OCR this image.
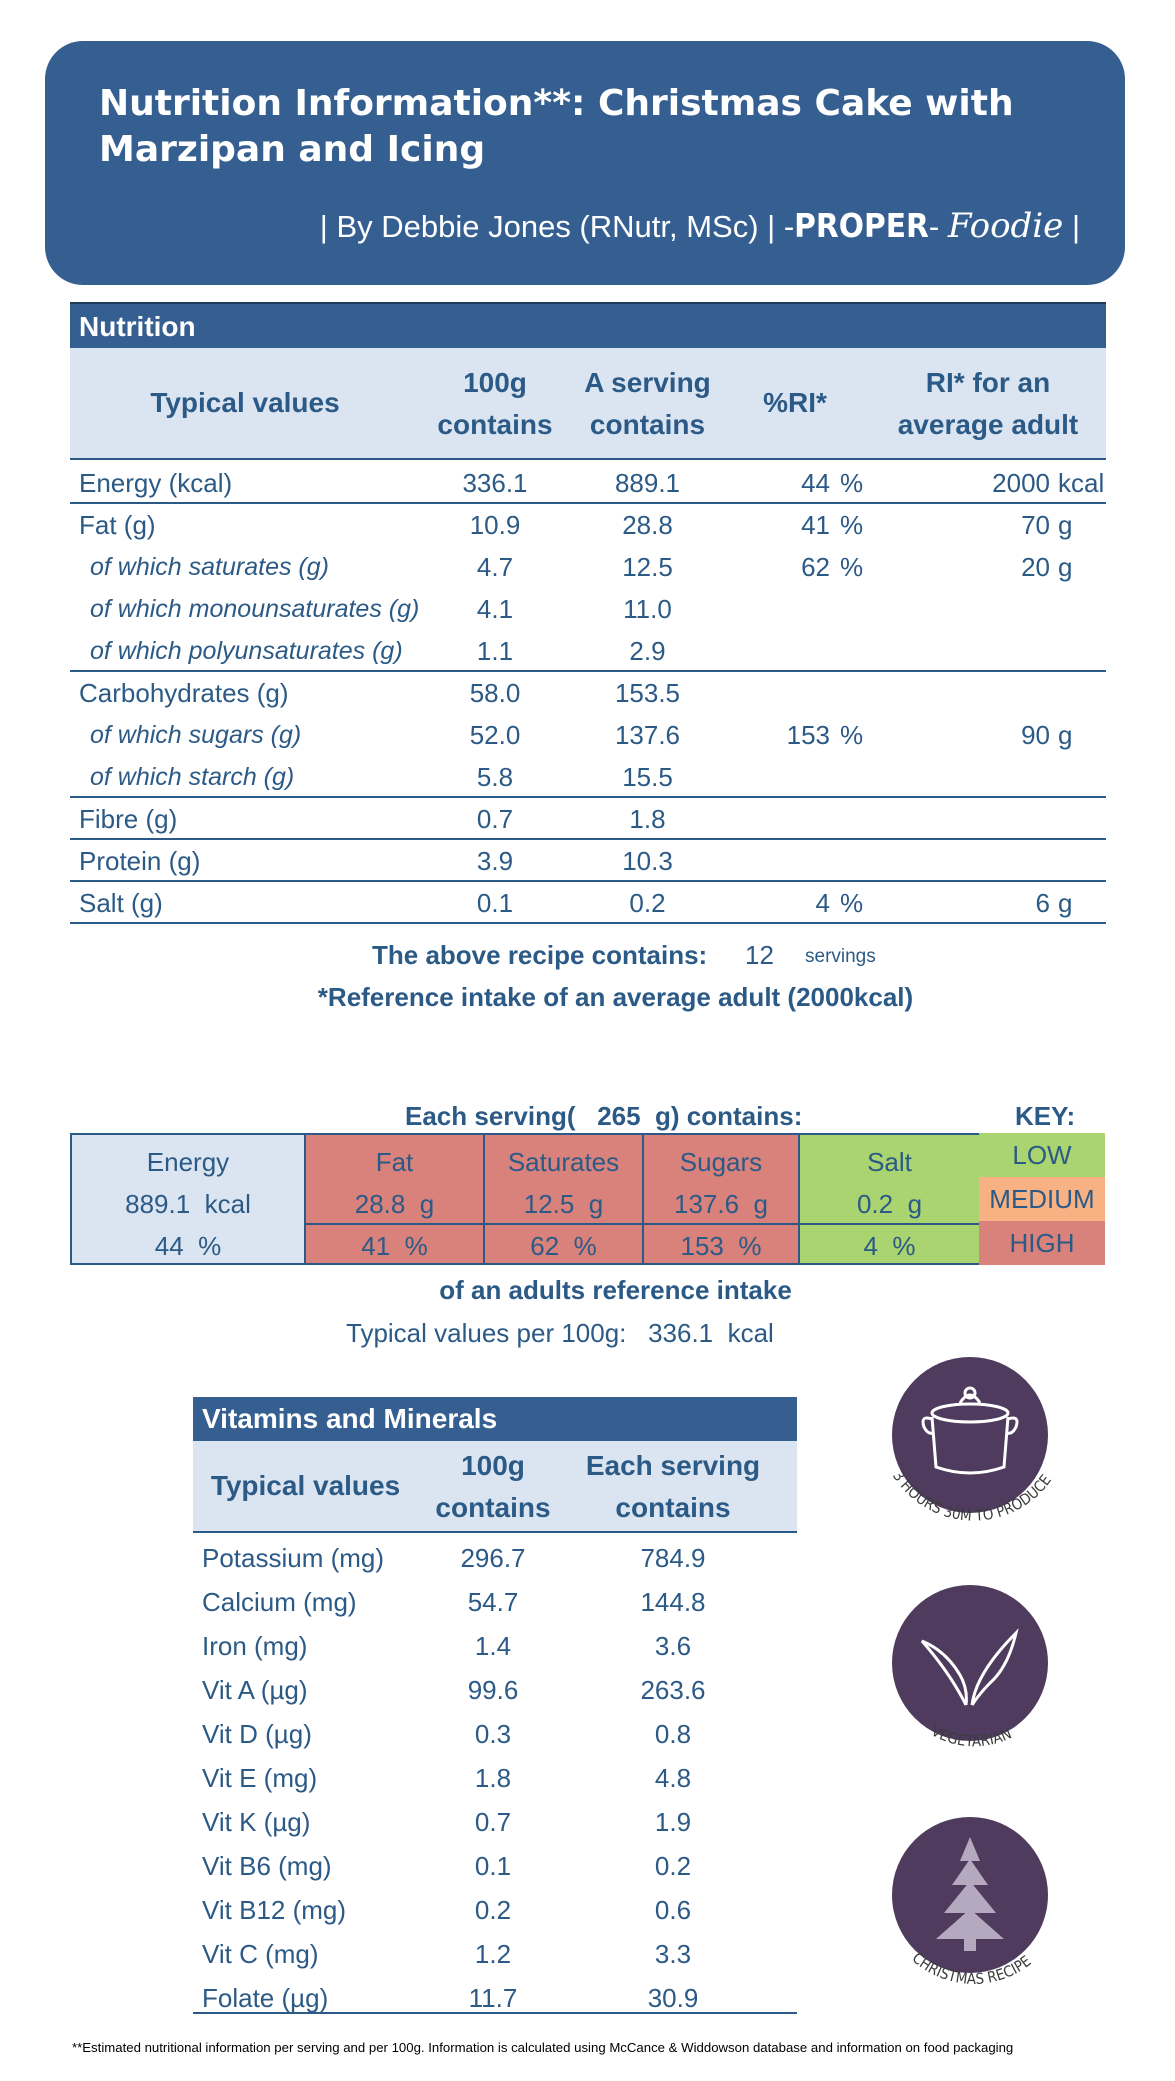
Nutrition Information**: Christmas Cake with Marzipan and Icing
| By Debbie Jones (RNutr, MSc) | -PROPER- Foodie |
Nutrition
Typical values
100g
contains
A serving
contains
%RI*
RI* for an
average adult
Energy (kcal)	336.1	889.1	44 %	2000 kcal
Fat (g)	10.9	28.8	41 %	70 g
of which saturates (g)	4.7	12.5	62 %	20 g
of which monounsaturates (g)	4.1	11.0
of which polyunsaturates (g)	1.1	2.9
Carbohydrates (g)	58.0	153.5
of which sugars (g)	52.0	137.6	153 %	90 g
of which starch (g)	5.8	15.5
Fibre (g)	0.7	1.8
Protein (g)	3.9	10.3
Salt (g)	0.1	0.2	4 %	6 g
The above recipe contains: 12 servings
*Reference intake of an average adult (2000kcal)
Each serving( 265 g) contains:	KEY:
Energy
889.1 kcal
44 %
Fat
28.8 g
41 %
Saturates
12.5 g
62 %
Sugars
137.6 g
153 %
Salt
0.2 g
4 %
LOW
MEDIUM
HIGH
of an adults reference intake
Typical values per 100g: 336.1 kcal
Vitamins and Minerals
Typical values
100g
contains
Each serving
contains
Potassium (mg)	296.7	784.9
Calcium (mg)	54.7	144.8
Iron (mg)	1.4	3.6
Vit A (µg)	99.6	263.6
Vit D (µg)	0.3	0.8
Vit E (mg)	1.8	4.8
Vit K (µg)	0.7	1.9
Vit B6 (mg)	0.1	0.2
Vit B12 (mg)	0.2	0.6
Vit C (mg)	1.2	3.3
Folate (µg)	11.7	30.9
3 HOURS 30M TO PRODUCE
VEGETARIAN
CHRISTMAS RECIPE
**Estimated nutritional information per serving and per 100g. Information is calculated using McCance & Widdowson database and information on food packaging
